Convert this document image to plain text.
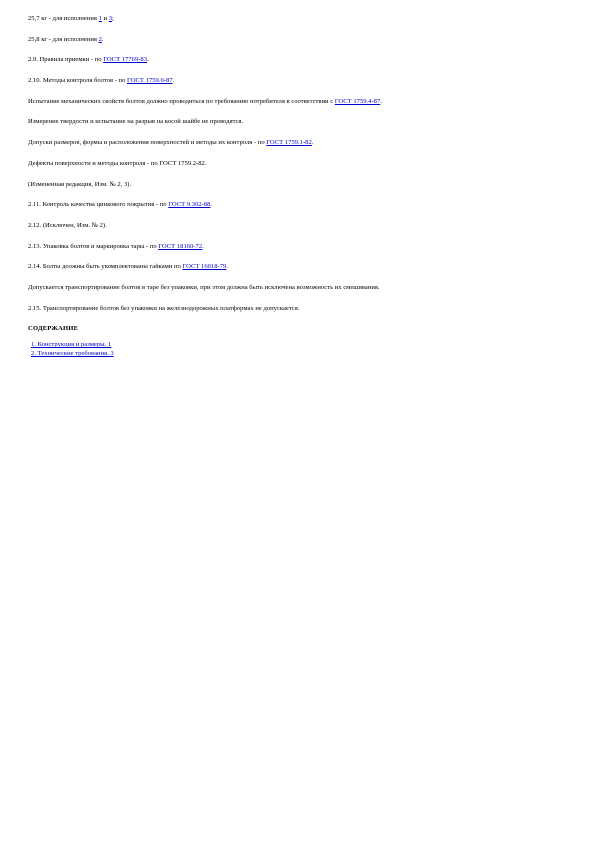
25,7 кг - для исполнения 1 и 3;
25,8 кг - для исполнения 2.
2.9. Правила приемки - по ГОСТ 17769-83.
2.10. Методы контроля болтов - по ГОСТ 1759.0-87.
Испытание механических свойств болтов должно проводиться по требованию потребителя в соответствии с ГОСТ 1759.4-87.
Измерение твердости и испытание на разрыв на косой шайбе не проводятся.
Допуски размеров, формы и расположения поверхностей и методы их контроля - по ГОСТ 1759.1-82.
Дефекты поверхности и методы контроля - по ГОСТ 1759.2-82.
(Измененная редакция, Изм. № 2, 3).
2.11. Контроль качества цинкового покрытия - по ГОСТ 9.302-88.
2.12. (Исключен, Изм. № 2).
2.13. Упаковка болтов и маркировка тары - по ГОСТ 18160-72.
2.14. Болты должны быть укомплектованы гайками по ГОСТ 16018-79.
Допускается транспортирование болтов в таре без упаковки, при этом должна быть исключена возможность их смешивания.
2.15. Транспортирование болтов без упаковки на железнодорожных платформах не допускается.
СОДЕРЖАНИЕ
1. Конструкция и размеры. 1
2. Технические требования. 3
